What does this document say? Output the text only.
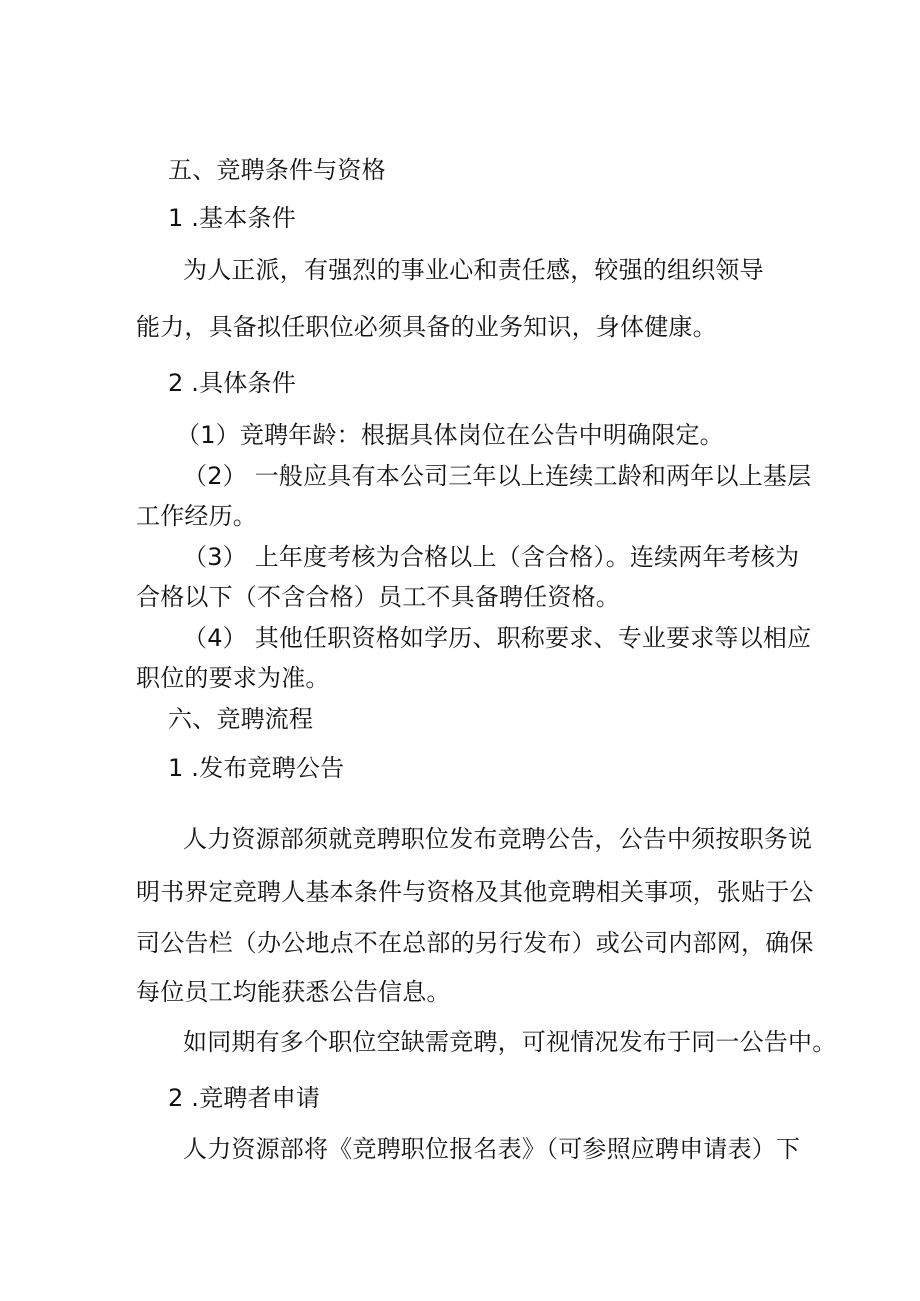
五、竞聘条件与资格
1 .基本条件
为人正派，有强烈的事业心和责任感，较强的组织领导
能力，具备拟任职位必须具备的业务知识，身体健康。
2 .具体条件
（1）竞聘年龄：根据具体岗位在公告中明确限定。
（2） 一般应具有本公司三年以上连续工龄和两年以上基层
工作经历。
（3） 上年度考核为合格以上（含合格）。连续两年考核为
合格以下（不含合格）员工不具备聘任资格。
（4） 其他任职资格如学历、职称要求、专业要求等以相应
职位的要求为准。
六、竞聘流程
1 .发布竞聘公告
人力资源部须就竞聘职位发布竞聘公告，公告中须按职务说
明书界定竞聘人基本条件与资格及其他竞聘相关事项，张贴于公
司公告栏（办公地点不在总部的另行发布）或公司内部网，确保
每位员工均能获悉公告信息。
如同期有多个职位空缺需竞聘，可视情况发布于同一公告中。
2 .竞聘者申请
人力资源部将《竞聘职位报名表》（可参照应聘申请表）下
